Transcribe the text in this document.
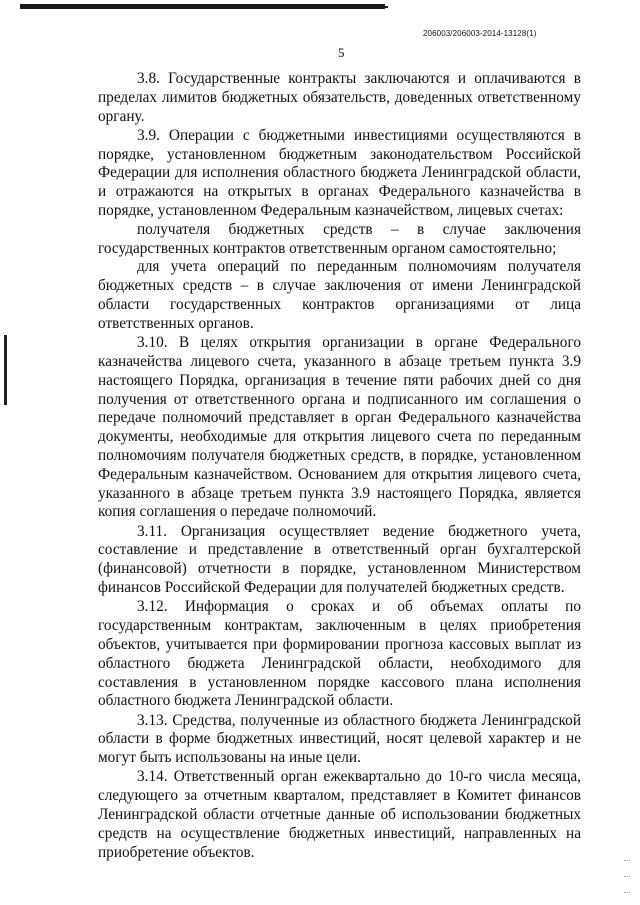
206003/206003-2014-13128(1)
5

3.8. Государственные контракты заключаются и оплачиваются в пределах лимитов бюджетных обязательств, доведенных ответственному органу.

3.9. Операции с бюджетными инвестициями осуществляются в порядке, установленном бюджетным законодательством Российской Федерации для исполнения областного бюджета Ленинградской области, и отражаются на открытых в органах Федерального казначейства в порядке, установленном Федеральным казначейством, лицевых счетах:

получателя бюджетных средств – в случае заключения государственных контрактов ответственным органом самостоятельно;

для учета операций по переданным полномочиям получателя бюджетных средств – в случае заключения от имени Ленинградской области государственных контрактов организациями от лица ответственных органов.

3.10. В целях открытия организации в органе Федерального казначейства лицевого счета, указанного в абзаце третьем пункта 3.9 настоящего Порядка, организация в течение пяти рабочих дней со дня получения от ответственного органа и подписанного им соглашения о передаче полномочий представляет в орган Федерального казначейства документы, необходимые для открытия лицевого счета по переданным полномочиям получателя бюджетных средств, в порядке, установленном Федеральным казначейством. Основанием для открытия лицевого счета, указанного в абзаце третьем пункта 3.9 настоящего Порядка, является копия соглашения о передаче полномочий.

3.11. Организация осуществляет ведение бюджетного учета, составление и представление в ответственный орган бухгалтерской (финансовой) отчетности в порядке, установленном Министерством финансов Российской Федерации для получателей бюджетных средств.

3.12. Информация о сроках и об объемах оплаты по государственным контрактам, заключенным в целях приобретения объектов, учитывается при формировании прогноза кассовых выплат из областного бюджета Ленинградской области, необходимого для составления в установленном порядке кассового плана исполнения областного бюджета Ленинградской области.

3.13. Средства, полученные из областного бюджета Ленинградской области в форме бюджетных инвестиций, носят целевой характер и не могут быть использованы на иные цели.

3.14. Ответственный орган ежеквартально до 10-го числа месяца, следующего за отчетным кварталом, представляет в Комитет финансов Ленинградской области отчетные данные об использовании бюджетных средств на осуществление бюджетных инвестиций, направленных на приобретение объектов.
